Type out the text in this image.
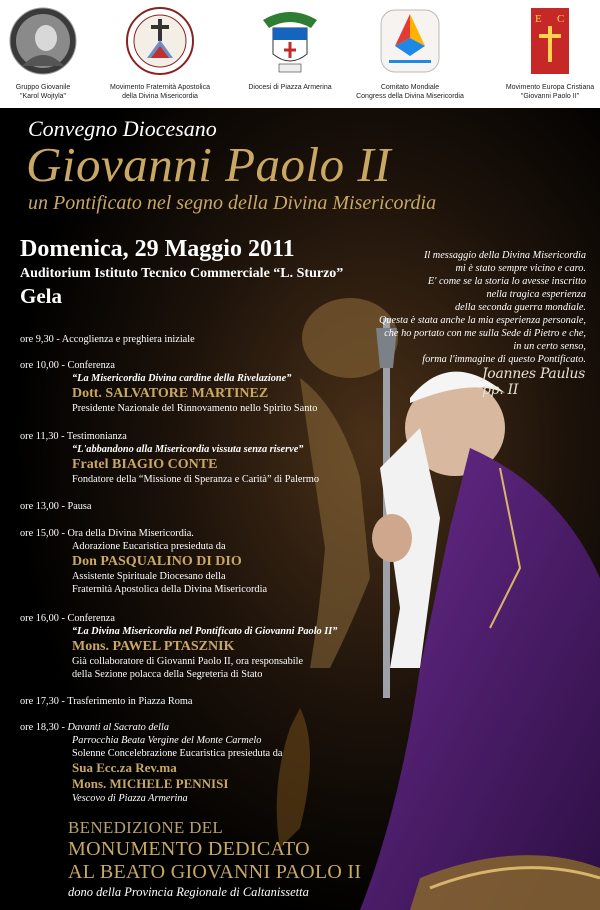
Gruppo Giovanile
"Karol Wojtyla"
Movimento Fraternità Apostolica
della Divina Misericordia
Diocesi di Piazza Armerina	Comitato Mondiale
Congress della Divina Misericordia
E C
Movimento Europa Cristiana
"Giovanni Paolo II"
Convegno Diocesano
Giovanni Paolo II
un Pontificato nel segno della Divina Misericordia
Domenica, 29 Maggio 2011
Auditorium Istituto Tecnico Commerciale “L. Sturzo”
Gela
Il messaggio della Divina Misericordia
mi è stato sempre vicino e caro.
E' come se la storia lo avesse inscritto
nella tragica esperienza
della seconda guerra mondiale.
Questa è stata anche la mia esperienza personale,
che ho portato con me sulla Sede di Pietro e che,
in un certo senso,
forma l'immagine di questo Pontificato.
Joannes Paulus pp. II
ore 9,30 - Accoglienza e preghiera iniziale
ore 10,00 - Conferenza
“La Misericordia Divina cardine della Rivelazione”
Dott. SALVATORE MARTINEZ
Presidente Nazionale del Rinnovamento nello Spirito Santo
ore 11,30 - Testimonianza
“L'abbandono alla Misericordia vissuta senza riserve”
Fratel BIAGIO CONTE
Fondatore della “Missione di Speranza e Carità” di Palermo
ore 13,00 - Pausa
ore 15,00 - Ora della Divina Misericordia.
Adorazione Eucaristica presieduta da
Don PASQUALINO DI DIO
Assistente Spirituale Diocesano della
Fraternità Apostolica della Divina Misericordia
ore 16,00 - Conferenza
“La Divina Misericordia nel Pontificato di Giovanni Paolo II”
Mons. PAWEL PTASZNIK
Già collaboratore di Giovanni Paolo II, ora responsabile
della Sezione polacca della Segreteria di Stato
ore 17,30 - Trasferimento in Piazza Roma
ore 18,30 - Davanti al Sacrato della
Parrocchia Beata Vergine del Monte Carmelo
Solenne Concelebrazione Eucaristica presieduta da
Sua Ecc.za Rev.ma
Mons. MICHELE PENNISI
Vescovo di Piazza Armerina
BENEDIZIONE DEL
MONUMENTO DEDICATO
AL BEATO GIOVANNI PAOLO II
dono della Provincia Regionale di Caltanissetta
